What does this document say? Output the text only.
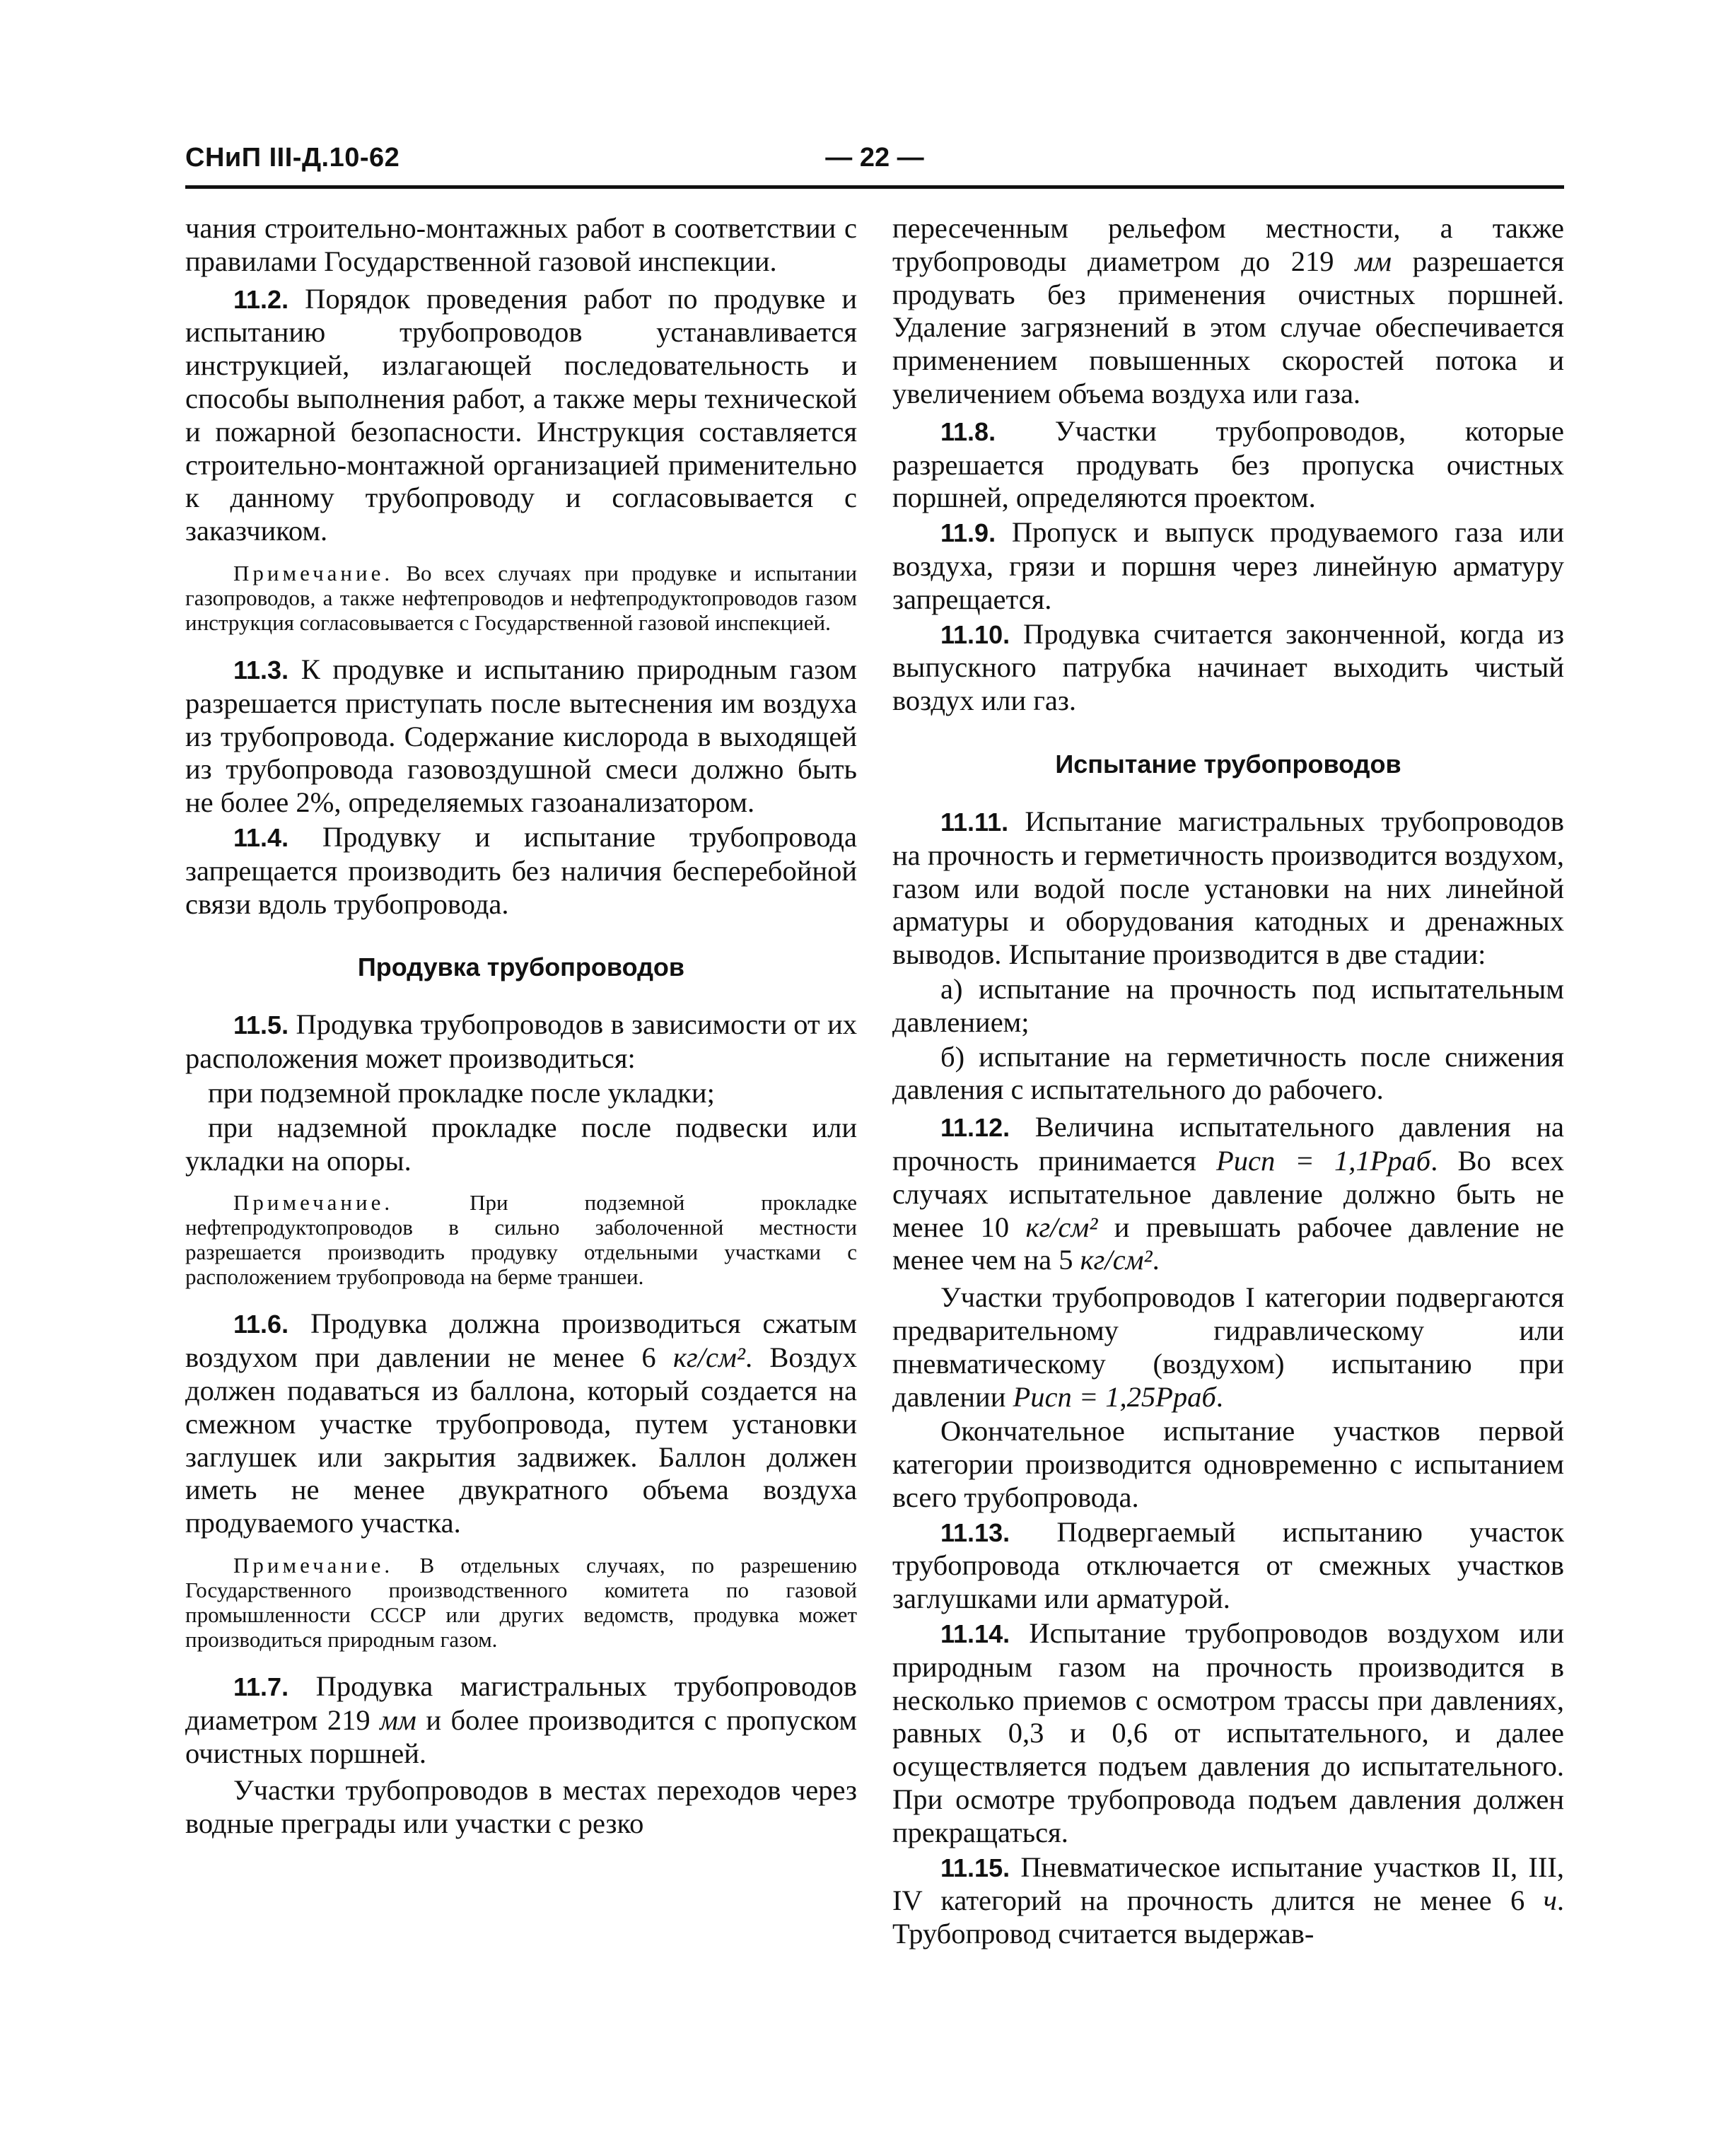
СНиП III-Д.10-62	— 22 —

чания строительно-монтажных работ в соответствии с правилами Государственной газовой инспекции.

11.2. Порядок проведения работ по продувке и испытанию трубопроводов устанавливается инструкцией, излагающей последовательность и способы выполнения работ, а также меры технической и пожарной безопасности. Инструкция составляется строительно-монтажной организацией применительно к данному трубопроводу и согласовывается с заказчиком.

Примечание. Во всех случаях при продувке и испытании газопроводов, а также нефтепроводов и нефтепродуктопроводов газом инструкция согласовывается с Государственной газовой инспекцией.

11.3. К продувке и испытанию природным газом разрешается приступать после вытеснения им воздуха из трубопровода. Содержание кислорода в выходящей из трубопровода газовоздушной смеси должно быть не более 2%, определяемых газоанализатором.

11.4. Продувку и испытание трубопровода запрещается производить без наличия бесперебойной связи вдоль трубопровода.

Продувка трубопроводов

11.5. Продувка трубопроводов в зависимости от их расположения может производиться:

при подземной прокладке после укладки;

при надземной прокладке после подвески или укладки на опоры.

Примечание.	При подземной прокладке нефтепродуктопроводов в сильно заболоченной местности разрешается производить продувку отдельными участками с расположением трубопровода на берме траншеи.

11.6. Продувка должна производиться сжатым воздухом при давлении не менее 6 кг/см². Воздух должен подаваться из баллона, который создается на смежном участке трубопровода, путем установки заглушек или закрытия задвижек. Баллон должен иметь не менее двукратного объема воздуха продуваемого участка.

Примечание. В отдельных случаях, по разрешению Государственного производственного комитета по газовой промышленности СССР или других ведомств, продувка может производиться природным газом.

11.7. Продувка магистральных трубопроводов диаметром 219 мм и более производится с пропуском очистных поршней.

Участки трубопроводов в местах переходов через водные преграды или участки с резко

пересеченным рельефом местности, а также трубопроводы диаметром до 219 мм разрешается продувать без применения очистных поршней. Удаление загрязнений в этом случае обеспечивается применением повышенных скоростей потока и увеличением объема воздуха или газа.

11.8. Участки трубопроводов, которые разрешается продувать без пропуска очистных поршней, определяются проектом.

11.9. Пропуск и выпуск продуваемого газа или воздуха, грязи и поршня через линейную арматуру запрещается.

11.10. Продувка считается законченной, когда из выпускного патрубка начинает выходить чистый воздух или газ.

Испытание трубопроводов

11.11. Испытание магистральных трубопроводов на прочность и герметичность производится воздухом, газом или водой после установки на них линейной арматуры и оборудования катодных и дренажных выводов. Испытание производится в две стадии:

а) испытание на прочность под испытательным давлением;

б) испытание на герметичность после снижения давления с испытательного до рабочего.

11.12. Величина испытательного давления на прочность принимается Pисп = 1,1Pраб. Во всех случаях испытательное давление должно быть не менее 10 кг/см² и превышать рабочее давление не менее чем на 5 кг/см².

Участки трубопроводов I категории подвергаются предварительному гидравлическому или пневматическому (воздухом) испытанию при давлении Pисп = 1,25Pраб.

Окончательное испытание участков первой категории производится одновременно с испытанием всего трубопровода.

11.13. Подвергаемый испытанию участок трубопровода отключается от смежных участков заглушками или арматурой.

11.14. Испытание трубопроводов воздухом или природным газом на прочность производится в несколько приемов с осмотром трассы при давлениях, равных 0,3 и 0,6 от испытательного, и далее осуществляется подъем давления до испытательного. При осмотре трубопровода подъем давления должен прекращаться.

11.15. Пневматическое испытание участков II, III, IV категорий на прочность длится не менее 6 ч. Трубопровод считается выдержав-
